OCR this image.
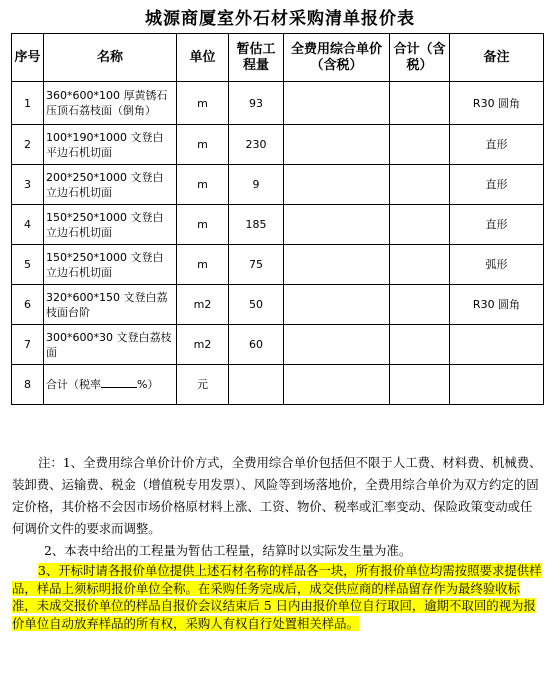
城源商厦室外石材采购清单报价表
序号	名称	单位	暂估工程量	全费用综合单价（含税）	合计（含税）	备注
1	360*600*100 厚黄锈石压顶石荔枝面（倒角）	m	93			R30 圆角
2	100*190*1000 文登白平边石机切面	m	230			直形
3	200*250*1000 文登白立边石机切面	m	9			直形
4	150*250*1000 文登白立边石机切面	m	185			直形
5	150*250*1000 文登白立边石机切面	m	75			弧形
6	320*600*150 文登白荔枝面台阶	m2	50			R30 圆角
7	300*600*30 文登白荔枝面	m2	60			
8	合计（税率 %）	元				

注：1、全费用综合单价计价方式，全费用综合单价包括但不限于人工费、材料费、机械费、装卸费、运输费、税金（增值税专用发票）、风险等到场落地价，全费用综合单价为双方约定的固定价格，其价格不会因市场价格原材料上涨、工资、物价、税率或汇率变动、保险政策变动或任何调价文件的要求而调整。

2、本表中给出的工程量为暂估工程量，结算时以实际发生量为准。

3、开标时请各报价单位提供上述石材名称的样品各一块，所有报价单位均需按照要求提供样品，样品上须标明报价单位全称。在采购任务完成后，成交供应商的样品留存作为最终验收标准，未成交报价单位的样品自报价会议结束后 5 日内由报价单位自行取回，逾期不取回的视为报价单位自动放弃样品的所有权，采购人有权自行处置相关样品。
